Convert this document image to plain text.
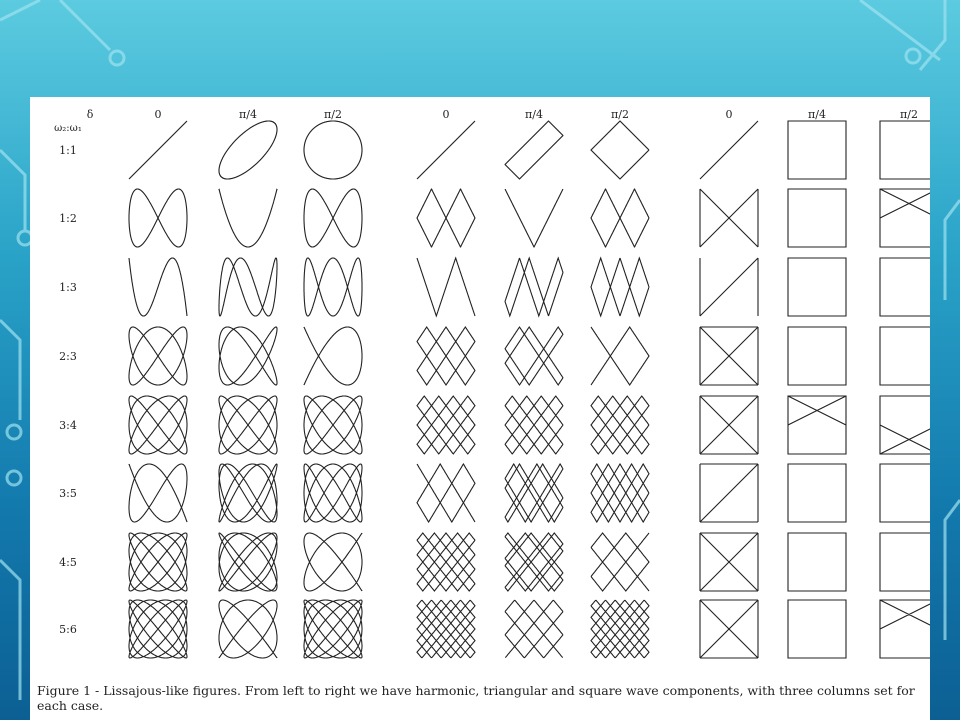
δ
ω₂:ω₁
0	π/4	π/2	0	π/4	π/2	0	π/4	π/2
1:1
1:2
1:3
2:3
3:4
3:5
4:5
5:6
Figure 1 - Lissajous-like figures. From left to right we have harmonic, triangular and square wave components, with three columns set for each case.
